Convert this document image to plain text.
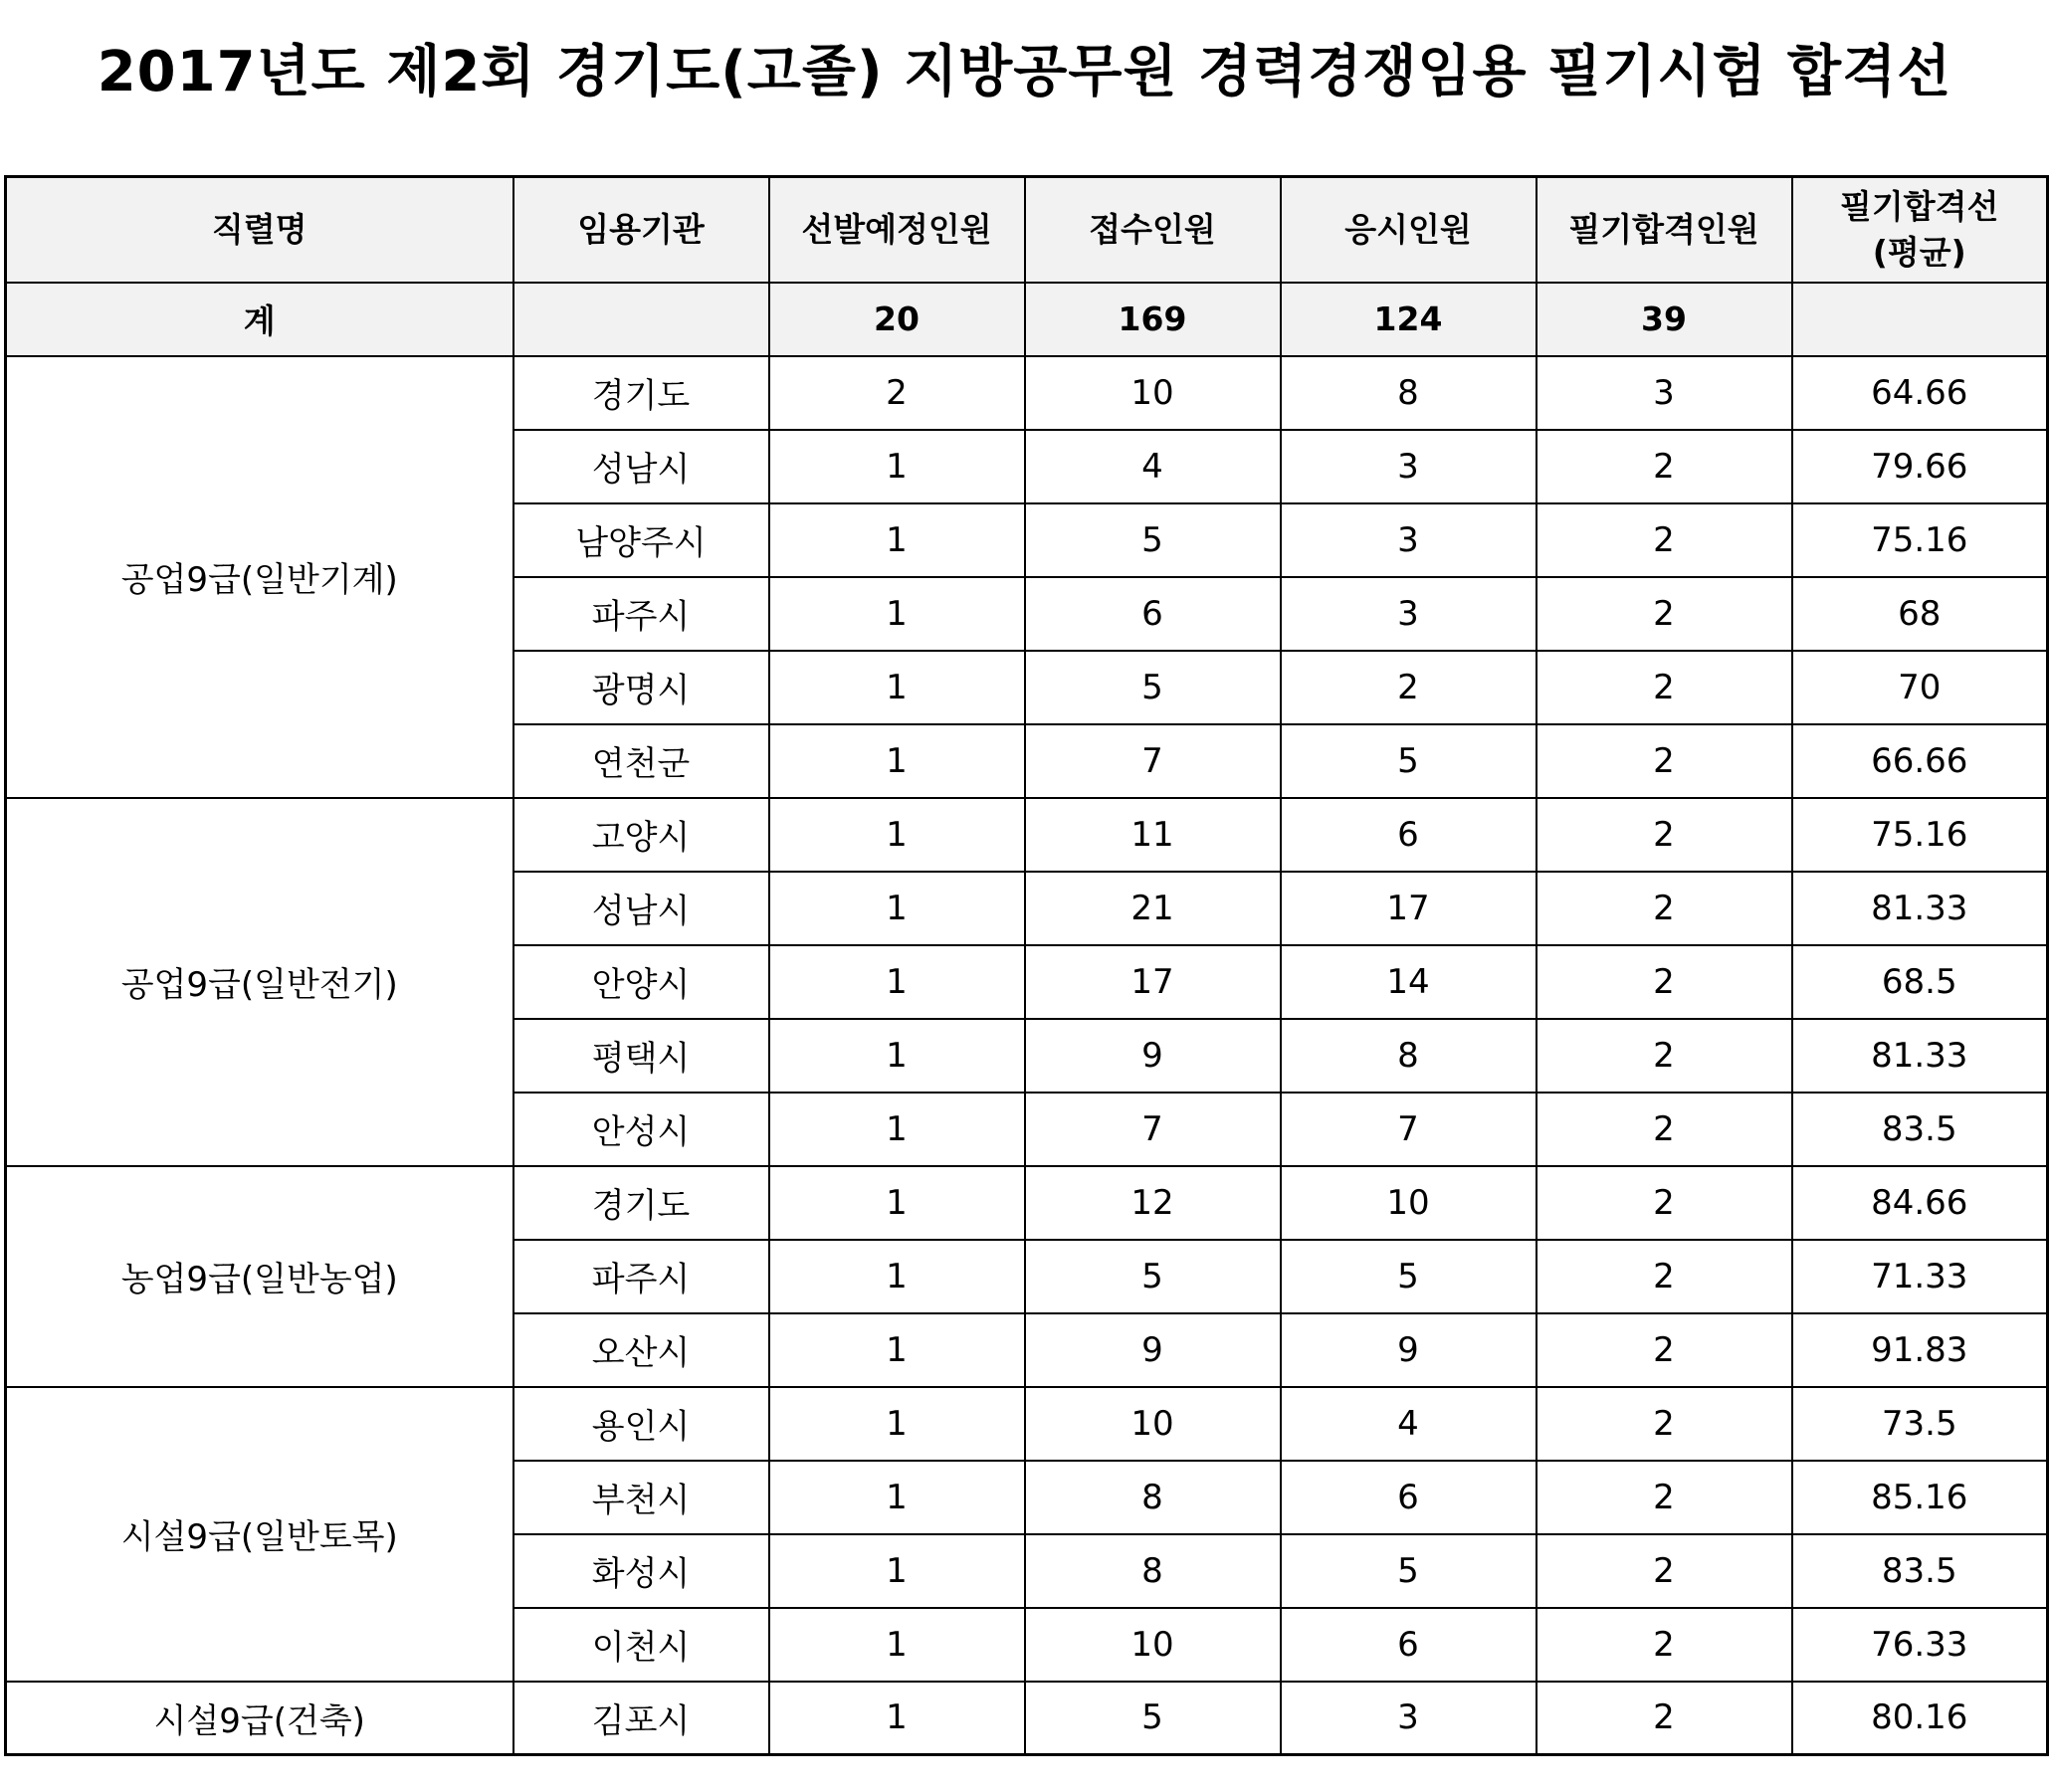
2017년도 제2회 경기도(고졸) 지방공무원 경력경쟁임용 필기시험 합격선
직렬명	임용기관	선발예정인원	접수인원	응시인원	필기합격인원	필기합격선
(평균)

계		20	169	124	39	
공업9급(일반기계)	경기도	2	10	8	3	64.66
	성남시	1	4	3	2	79.66
	남양주시	1	5	3	2	75.16
	파주시	1	6	3	2	68
	광명시	1	5	2	2	70
	연천군	1	7	5	2	66.66
공업9급(일반전기)	고양시	1	11	6	2	75.16
	성남시	1	21	17	2	81.33
	안양시	1	17	14	2	68.5
	평택시	1	9	8	2	81.33
	안성시	1	7	7	2	83.5
농업9급(일반농업)	경기도	1	12	10	2	84.66
	파주시	1	5	5	2	71.33
	오산시	1	9	9	2	91.83
시설9급(일반토목)	용인시	1	10	4	2	73.5
	부천시	1	8	6	2	85.16
	화성시	1	8	5	2	83.5
	이천시	1	10	6	2	76.33
시설9급(건축)	김포시	1	5	3	2	80.16
